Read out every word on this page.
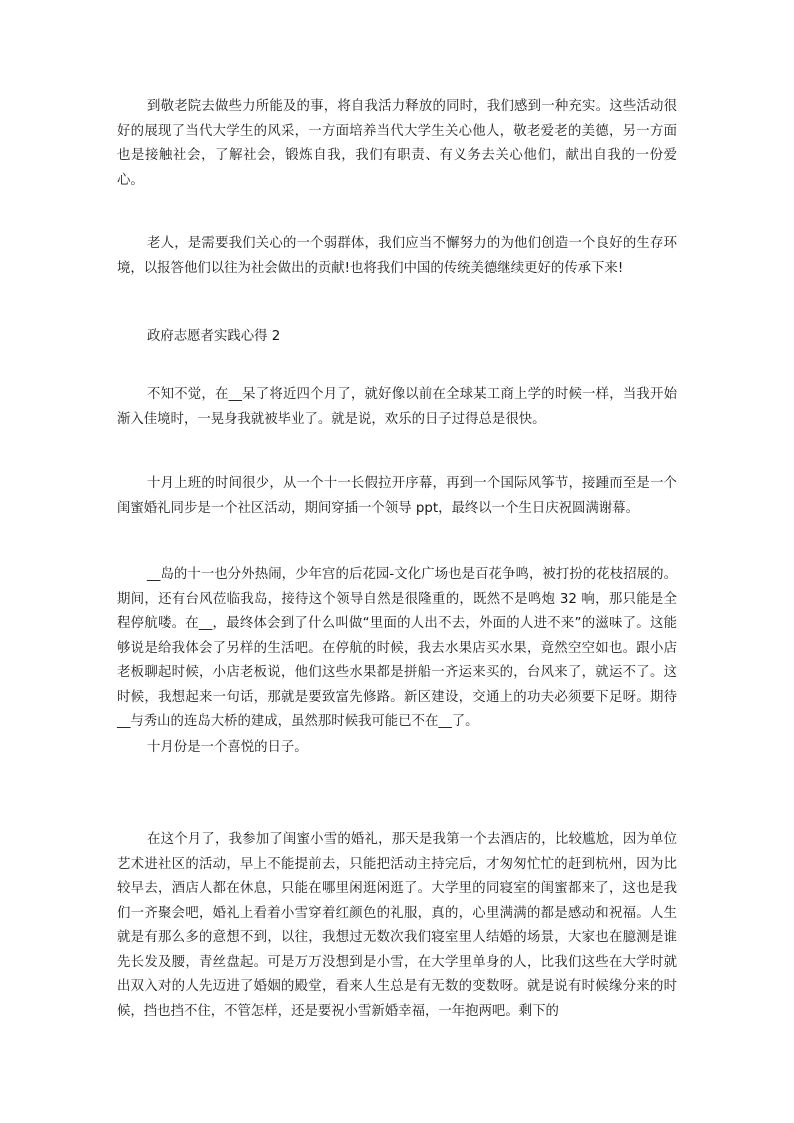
到敬老院去做些力所能及的事，将自我活力释放的同时，我们感到一种充实。这些活动很好的展现了当代大学生的风采，一方面培养当代大学生关心他人，敬老爱老的美德，另一方面也是接触社会，了解社会，锻炼自我，我们有职责、有义务去关心他们，献出自我的一份爱心。

老人，是需要我们关心的一个弱群体，我们应当不懈努力的为他们创造一个良好的生存环境，以报答他们以往为社会做出的贡献!也将我们中国的传统美德继续更好的传承下来!

政府志愿者实践心得 2

不知不觉，在__呆了将近四个月了，就好像以前在全球某工商上学的时候一样，当我开始渐入佳境时，一晃身我就被毕业了。就是说，欢乐的日子过得总是很快。

十月上班的时间很少，从一个十一长假拉开序幕，再到一个国际风筝节，接踵而至是一个闺蜜婚礼同步是一个社区活动，期间穿插一个领导 ppt，最终以一个生日庆祝圆满谢幕。

__岛的十一也分外热闹，少年宫的后花园-文化广场也是百花争鸣，被打扮的花枝招展的。期间，还有台风莅临我岛，接待这个领导自然是很隆重的，既然不是鸣炮 32 响，那只能是全程停航喽。在__，最终体会到了什么叫做“里面的人出不去，外面的人进不来”的滋味了。这能够说是给我体会了另样的生活吧。在停航的时候，我去水果店买水果，竟然空空如也。跟小店老板聊起时候，小店老板说，他们这些水果都是拼船一齐运来买的，台风来了，就运不了。这时候，我想起来一句话，那就是要致富先修路。新区建设，交通上的功夫必须要下足呀。期待__与秀山的连岛大桥的建成，虽然那时候我可能已不在__了。

十月份是一个喜悦的日子。

在这个月了，我参加了闺蜜小雪的婚礼，那天是我第一个去酒店的，比较尴尬，因为单位艺术进社区的活动，早上不能提前去，只能把活动主持完后，才匆匆忙忙的赶到杭州，因为比较早去，酒店人都在休息，只能在哪里闲逛闲逛了。大学里的同寝室的闺蜜都来了，这也是我们一齐聚会吧，婚礼上看着小雪穿着红颜色的礼服，真的，心里满满的都是感动和祝福。人生就是有那么多的意想不到，以往，我想过无数次我们寝室里人结婚的场景，大家也在臆测是谁先长发及腰，青丝盘起。可是万万没想到是小雪，在大学里单身的人，比我们这些在大学时就出双入对的人先迈进了婚姻的殿堂，看来人生总是有无数的变数呀。就是说有时候缘分来的时候，挡也挡不住，不管怎样，还是要祝小雪新婚幸福，一年抱两吧。剩下的
